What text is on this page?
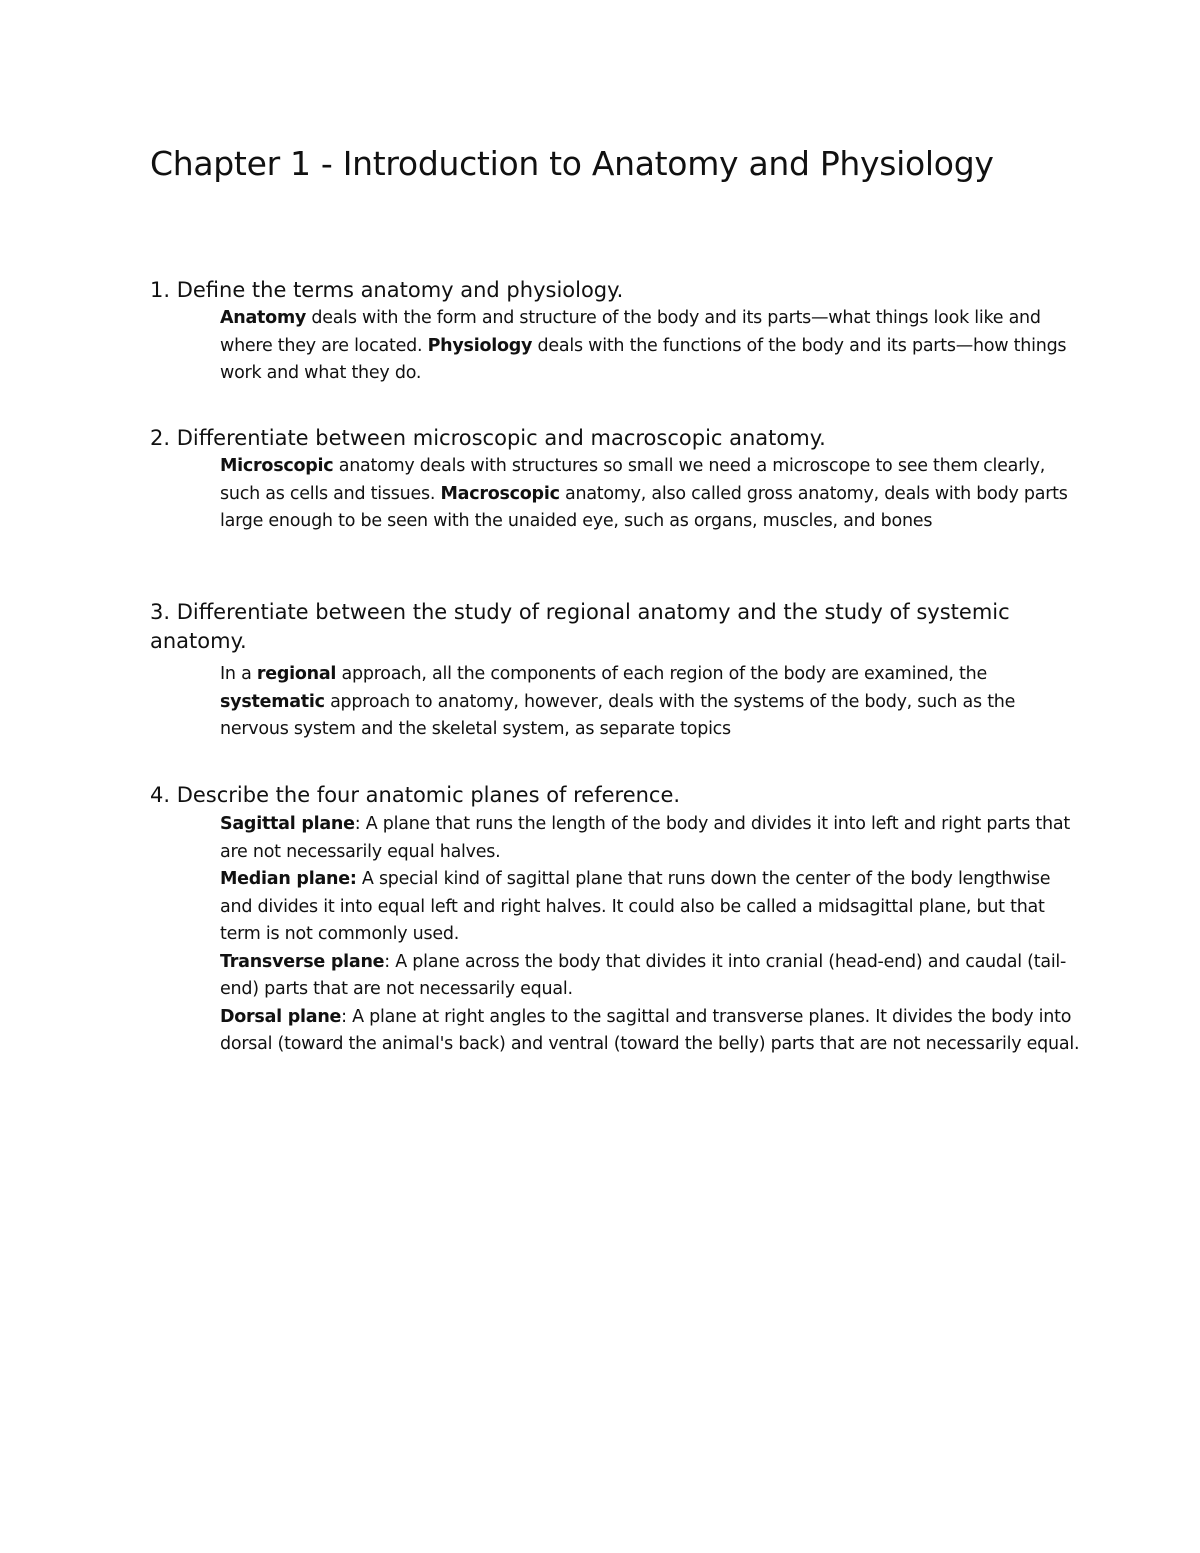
Chapter 1 - Introduction to Anatomy and Physiology
1. Define the terms anatomy and physiology.

Anatomy deals with the form and structure of the body and its parts—what things look like and where they are located. Physiology deals with the functions of the body and its parts—how things work and what they do.

2. Differentiate between microscopic and macroscopic anatomy.

Microscopic anatomy deals with structures so small we need a microscope to see them clearly, such as cells and tissues. Macroscopic anatomy, also called gross anatomy, deals with body parts large enough to be seen with the unaided eye, such as organs, muscles, and bones

3. Differentiate between the study of regional anatomy and the study of systemic anatomy.

In a regional approach, all the components of each region of the body are examined, the systematic approach to anatomy, however, deals with the systems of the body, such as the nervous system and the skeletal system, as separate topics

4. Describe the four anatomic planes of reference.
Sagittal plane: A plane that runs the length of the body and divides it into left and right parts that are not necessarily equal halves.
Median plane: A special kind of sagittal plane that runs down the center of the body lengthwise and divides it into equal left and right halves. It could also be called a midsagittal plane, but that term is not commonly used.
Transverse plane: A plane across the body that divides it into cranial (head-end) and caudal (tail-end) parts that are not necessarily equal.
Dorsal plane: A plane at right angles to the sagittal and transverse planes. It divides the body into dorsal (toward the animal's back) and ventral (toward the belly) parts that are not necessarily equal.
